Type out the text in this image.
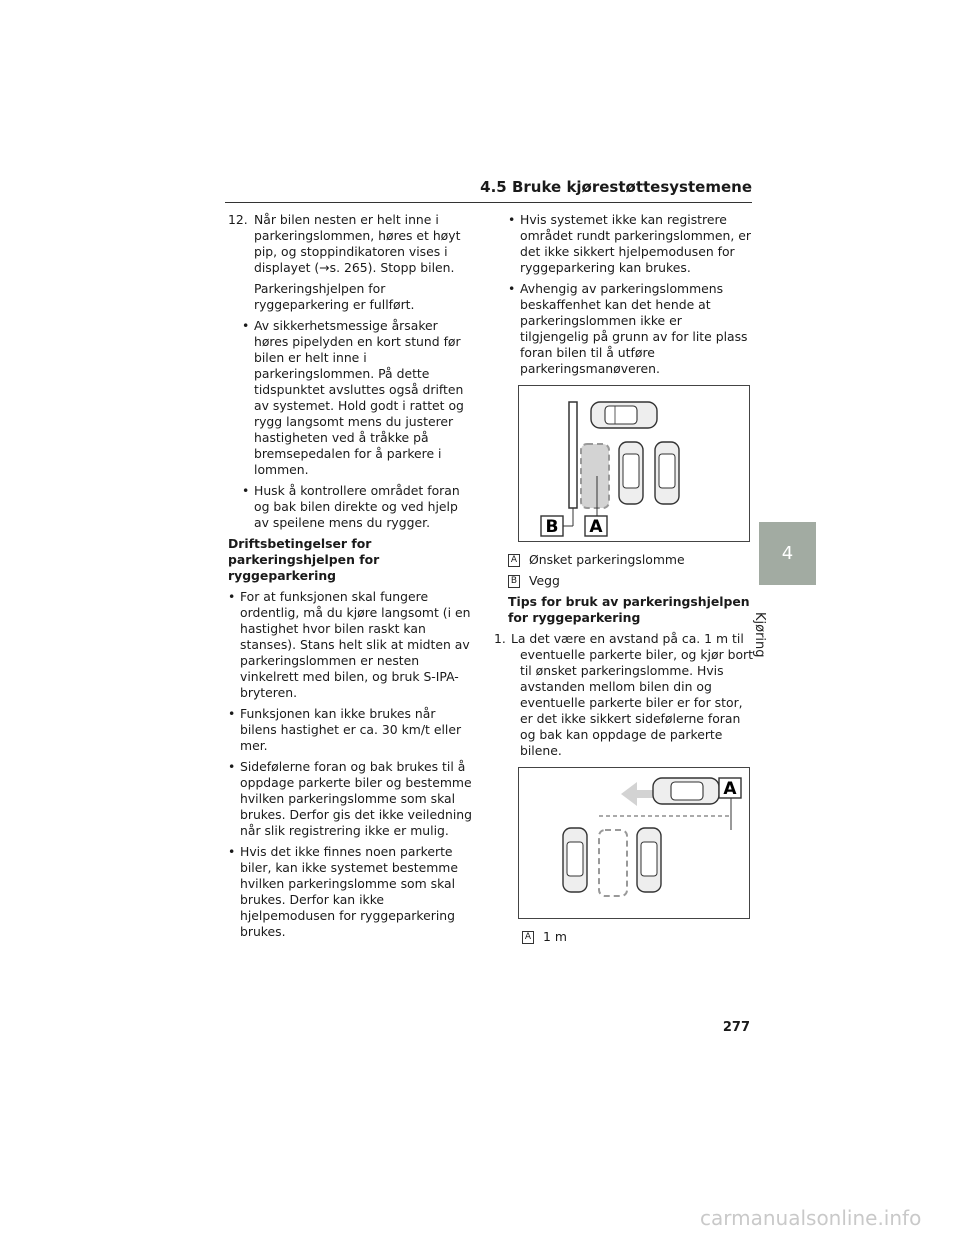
4.5 Bruke kjørestøttesystemene

12. Når bilen nesten er helt inne i parkeringslommen, høres et høyt pip, og stoppindikatoren vises i displayet (→s. 265). Stopp bilen.

Parkeringshjelpen for ryggeparkering er fullført.

• Av sikkerhetsmessige årsaker høres pipelyden en kort stund før bilen er helt inne i parkeringslommen. På dette tidspunktet avsluttes også driften av systemet. Hold godt i rattet og rygg langsomt mens du justerer hastigheten ved å tråkke på bremsepedalen for å parkere i lommen.

• Husk å kontrollere området foran og bak bilen direkte og ved hjelp av speilene mens du rygger.

Driftsbetingelser for parkeringshjelpen for ryggeparkering

• For at funksjonen skal fungere ordentlig, må du kjøre langsomt (i en hastighet hvor bilen raskt kan stanses). Stans helt slik at midten av parkeringslommen er nesten vinkelrett med bilen, og bruk S-IPA-bryteren.

• Funksjonen kan ikke brukes når bilens hastighet er ca. 30 km/t eller mer.

• Sidefølerne foran og bak brukes til å oppdage parkerte biler og bestemme hvilken parkeringslomme som skal brukes. Derfor gis det ikke veiledning når slik registrering ikke er mulig.

• Hvis det ikke finnes noen parkerte biler, kan ikke systemet bestemme hvilken parkeringslomme som skal brukes. Derfor kan ikke hjelpemodusen for ryggeparkering brukes.

• Hvis systemet ikke kan registrere området rundt parkeringslommen, er det ikke sikkert hjelpemodusen for ryggeparkering kan brukes.

• Avhengig av parkeringslommens beskaffenhet kan det hende at parkeringslommen ikke er tilgjengelig på grunn av for lite plass foran bilen til å utføre parkeringsmanøveren.

B A
A Ønsket parkeringslomme
B Vegg

Tips for bruk av parkeringshjelpen for ryggeparkering

1. La det være en avstand på ca. 1 m til eventuelle parkerte biler, og kjør bort til ønsket parkeringslomme. Hvis avstanden mellom bilen din og eventuelle parkerte biler er for stor, er det ikke sikkert sidefølerne foran og bak kan oppdage de parkerte bilene.

A
A 1 m
4
Kjøring
277
carmanualsonline.info
